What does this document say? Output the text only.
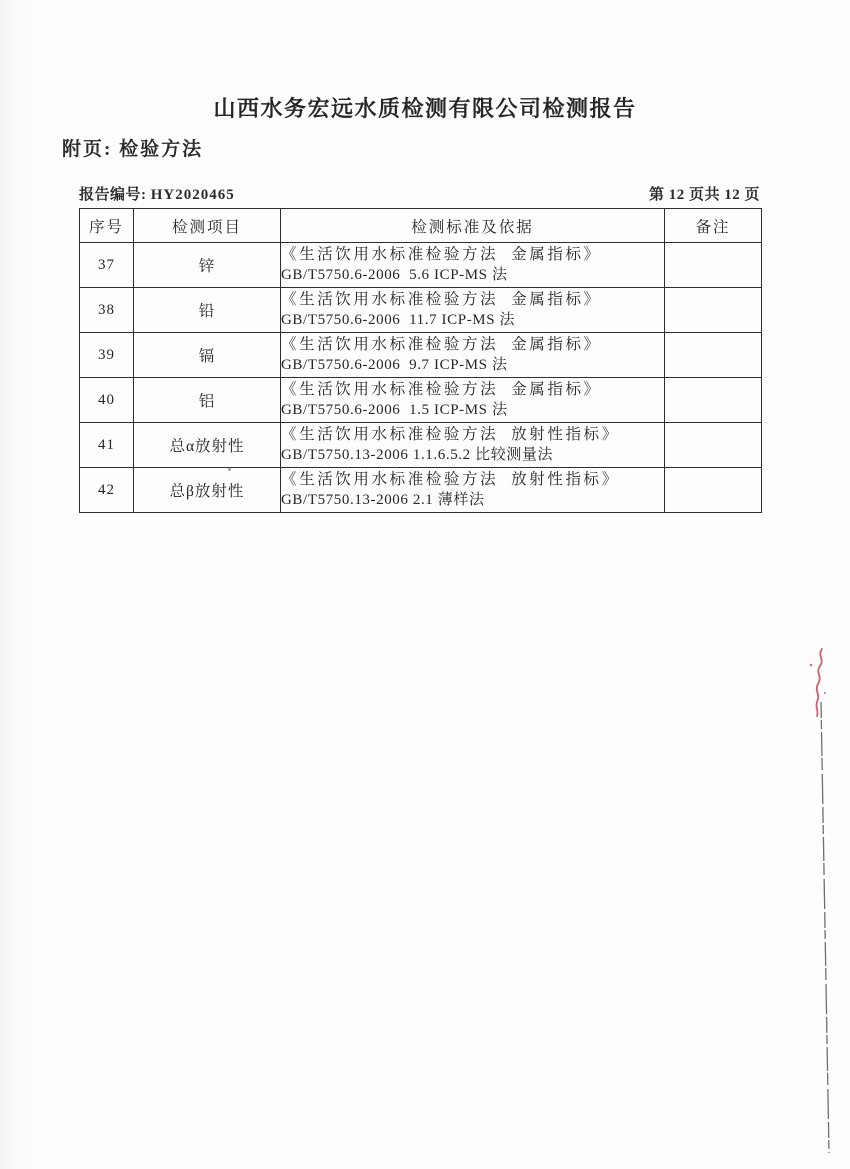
山西水务宏远水质检测有限公司检测报告
附页: 检验方法
报告编号: HY2020465	第 12 页共 12 页
序号	检测项目	检测标准及依据	备注
37	锌	《生活饮用水标准检验方法  金属指标》
GB/T5750.6-2006  5.6 ICP-MS 法	

38	铅	《生活饮用水标准检验方法  金属指标》
GB/T5750.6-2006  11.7 ICP-MS 法	

39	镉	《生活饮用水标准检验方法  金属指标》
GB/T5750.6-2006  9.7 ICP-MS 法	

40	铝	《生活饮用水标准检验方法  金属指标》
GB/T5750.6-2006  1.5 ICP-MS 法	

41	总α放射性	《生活饮用水标准检验方法  放射性指标》
GB/T5750.13-2006 1.1.6.5.2 比较测量法	

42	总β放射性	《生活饮用水标准检验方法  放射性指标》
GB/T5750.13-2006 2.1 薄样法	
